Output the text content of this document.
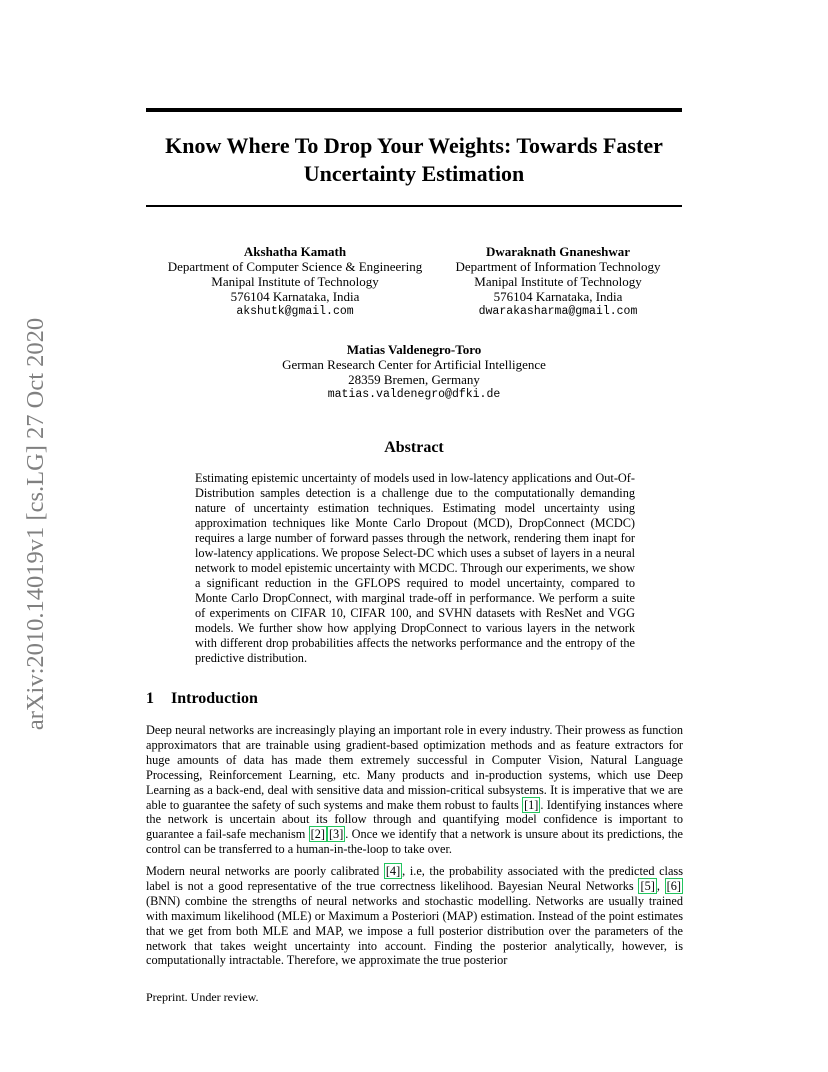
arXiv:2010.14019v1 [cs.LG] 27 Oct 2020
Know Where To Drop Your Weights: Towards Faster
Uncertainty Estimation
Akshatha Kamath
Department of Computer Science & Engineering
Manipal Institute of Technology
576104 Karnataka, India
akshutk@gmail.com
Dwaraknath Gnaneshwar
Department of Information Technology
Manipal Institute of Technology
576104 Karnataka, India
dwarakasharma@gmail.com
Matias Valdenegro-Toro
German Research Center for Artificial Intelligence
28359 Bremen, Germany
matias.valdenegro@dfki.de
Abstract
Estimating epistemic uncertainty of models used in low-latency applications and Out-Of-Distribution samples detection is a challenge due to the computationally demanding nature of uncertainty estimation techniques. Estimating model uncertainty using approximation techniques like Monte Carlo Dropout (MCD), DropConnect (MCDC) requires a large number of forward passes through the network, rendering them inapt for low-latency applications. We propose Select-DC which uses a subset of layers in a neural network to model epistemic uncertainty with MCDC. Through our experiments, we show a significant reduction in the GFLOPS required to model uncertainty, compared to Monte Carlo DropConnect, with marginal trade-off in performance. We perform a suite of experiments on CIFAR 10, CIFAR 100, and SVHN datasets with ResNet and VGG models. We further show how applying DropConnect to various layers in the network with different drop probabilities affects the networks performance and the entropy of the predictive distribution.
1 Introduction
Deep neural networks are increasingly playing an important role in every industry. Their prowess as function approximators that are trainable using gradient-based optimization methods and as feature extractors for huge amounts of data has made them extremely successful in Computer Vision, Natural Language Processing, Reinforcement Learning, etc. Many products and in-production systems, which use Deep Learning as a back-end, deal with sensitive data and mission-critical subsystems. It is imperative that we are able to guarantee the safety of such systems and make them robust to faults [1] . Identifying instances where the network is uncertain about its follow through and quantifying model confidence is important to guarantee a fail-safe mechanism [2] [3] . Once we identify that a network is unsure about its predictions, the control can be transferred to a human-in-the-loop to take over.
Modern neural networks are poorly calibrated [4] , i.e, the probability associated with the predicted class label is not a good representative of the true correctness likelihood. Bayesian Neural Networks [5] , [6] (BNN) combine the strengths of neural networks and stochastic modelling. Networks are usually trained with maximum likelihood (MLE) or Maximum a Posteriori (MAP) estimation. Instead of the point estimates that we get from both MLE and MAP, we impose a full posterior distribution over the parameters of the network that takes weight uncertainty into account. Finding the posterior analytically, however, is computationally intractable. Therefore, we approximate the true posterior
Preprint. Under review.
